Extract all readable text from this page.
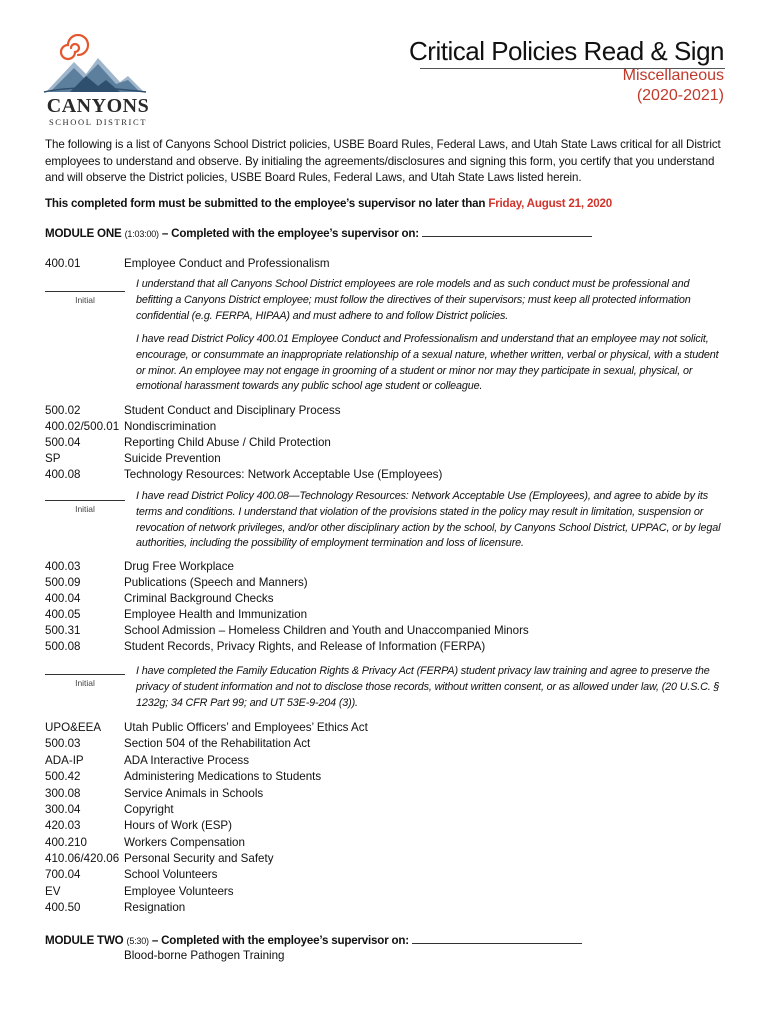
CANYONS
SCHOOL DISTRICT
Critical Policies Read & Sign
Miscellaneous
(2020-2021)
The following is a list of Canyons School District policies, USBE Board Rules, Federal Laws, and Utah State Laws critical for all District employees to understand and observe. By initialing the agreements/disclosures and signing this form, you certify that you understand and will observe the District policies, USBE Board Rules, Federal Laws, and Utah State Laws listed herein.
This completed form must be submitted to the employee’s supervisor no later than Friday, August 21, 2020
MODULE ONE (1:03:00) – Completed with the employee’s supervisor on:
400.01	Employee Conduct and Professionalism
Initial
I understand that all Canyons School District employees are role models and as such conduct must be professional and befitting a Canyons District employee; must follow the directives of their supervisors; must keep all protected information confidential (e.g. FERPA, HIPAA) and must adhere to and follow District policies.
I have read District Policy 400.01 Employee Conduct and Professionalism and understand that an employee may not solicit, encourage, or consummate an inappropriate relationship of a sexual nature, whether written, verbal or physical, with a student or minor. An employee may not engage in grooming of a student or minor nor may they participate in sexual, physical, or emotional harassment towards any public school age student or colleague.
500.02	Student Conduct and Disciplinary Process
400.02/500.01 Nondiscrimination
500.04	Reporting Child Abuse / Child Protection
SP	Suicide Prevention
400.08	Technology Resources: Network Acceptable Use (Employees)
Initial
I have read District Policy 400.08—Technology Resources: Network Acceptable Use (Employees), and agree to abide by its terms and conditions. I understand that violation of the provisions stated in the policy may result in limitation, suspension or revocation of network privileges, and/or other disciplinary action by the school, by Canyons School District, UPPAC, or by legal authorities, including the possibility of employment termination and loss of licensure.
400.03	Drug Free Workplace
500.09	Publications (Speech and Manners)
400.04	Criminal Background Checks
400.05	Employee Health and Immunization
500.31	School Admission – Homeless Children and Youth and Unaccompanied Minors
500.08	Student Records, Privacy Rights, and Release of Information (FERPA)
Initial
I have completed the Family Education Rights & Privacy Act (FERPA) student privacy law training and agree to preserve the privacy of student information and not to disclose those records, without written consent, or as allowed under law, (20 U.S.C. § 1232g; 34 CFR Part 99; and UT 53E-9-204 (3)).
UPO&EEA	Utah Public Officers’ and Employees’ Ethics Act
500.03	Section 504 of the Rehabilitation Act
ADA-IP	ADA Interactive Process
500.42	Administering Medications to Students
300.08	Service Animals in Schools
300.04	Copyright
420.03	Hours of Work (ESP)
400.210	Workers Compensation
410.06/420.06 Personal Security and Safety
700.04	School Volunteers
EV	Employee Volunteers
400.50	Resignation
MODULE TWO (5:30) – Completed with the employee’s supervisor on:
Blood-borne Pathogen Training
